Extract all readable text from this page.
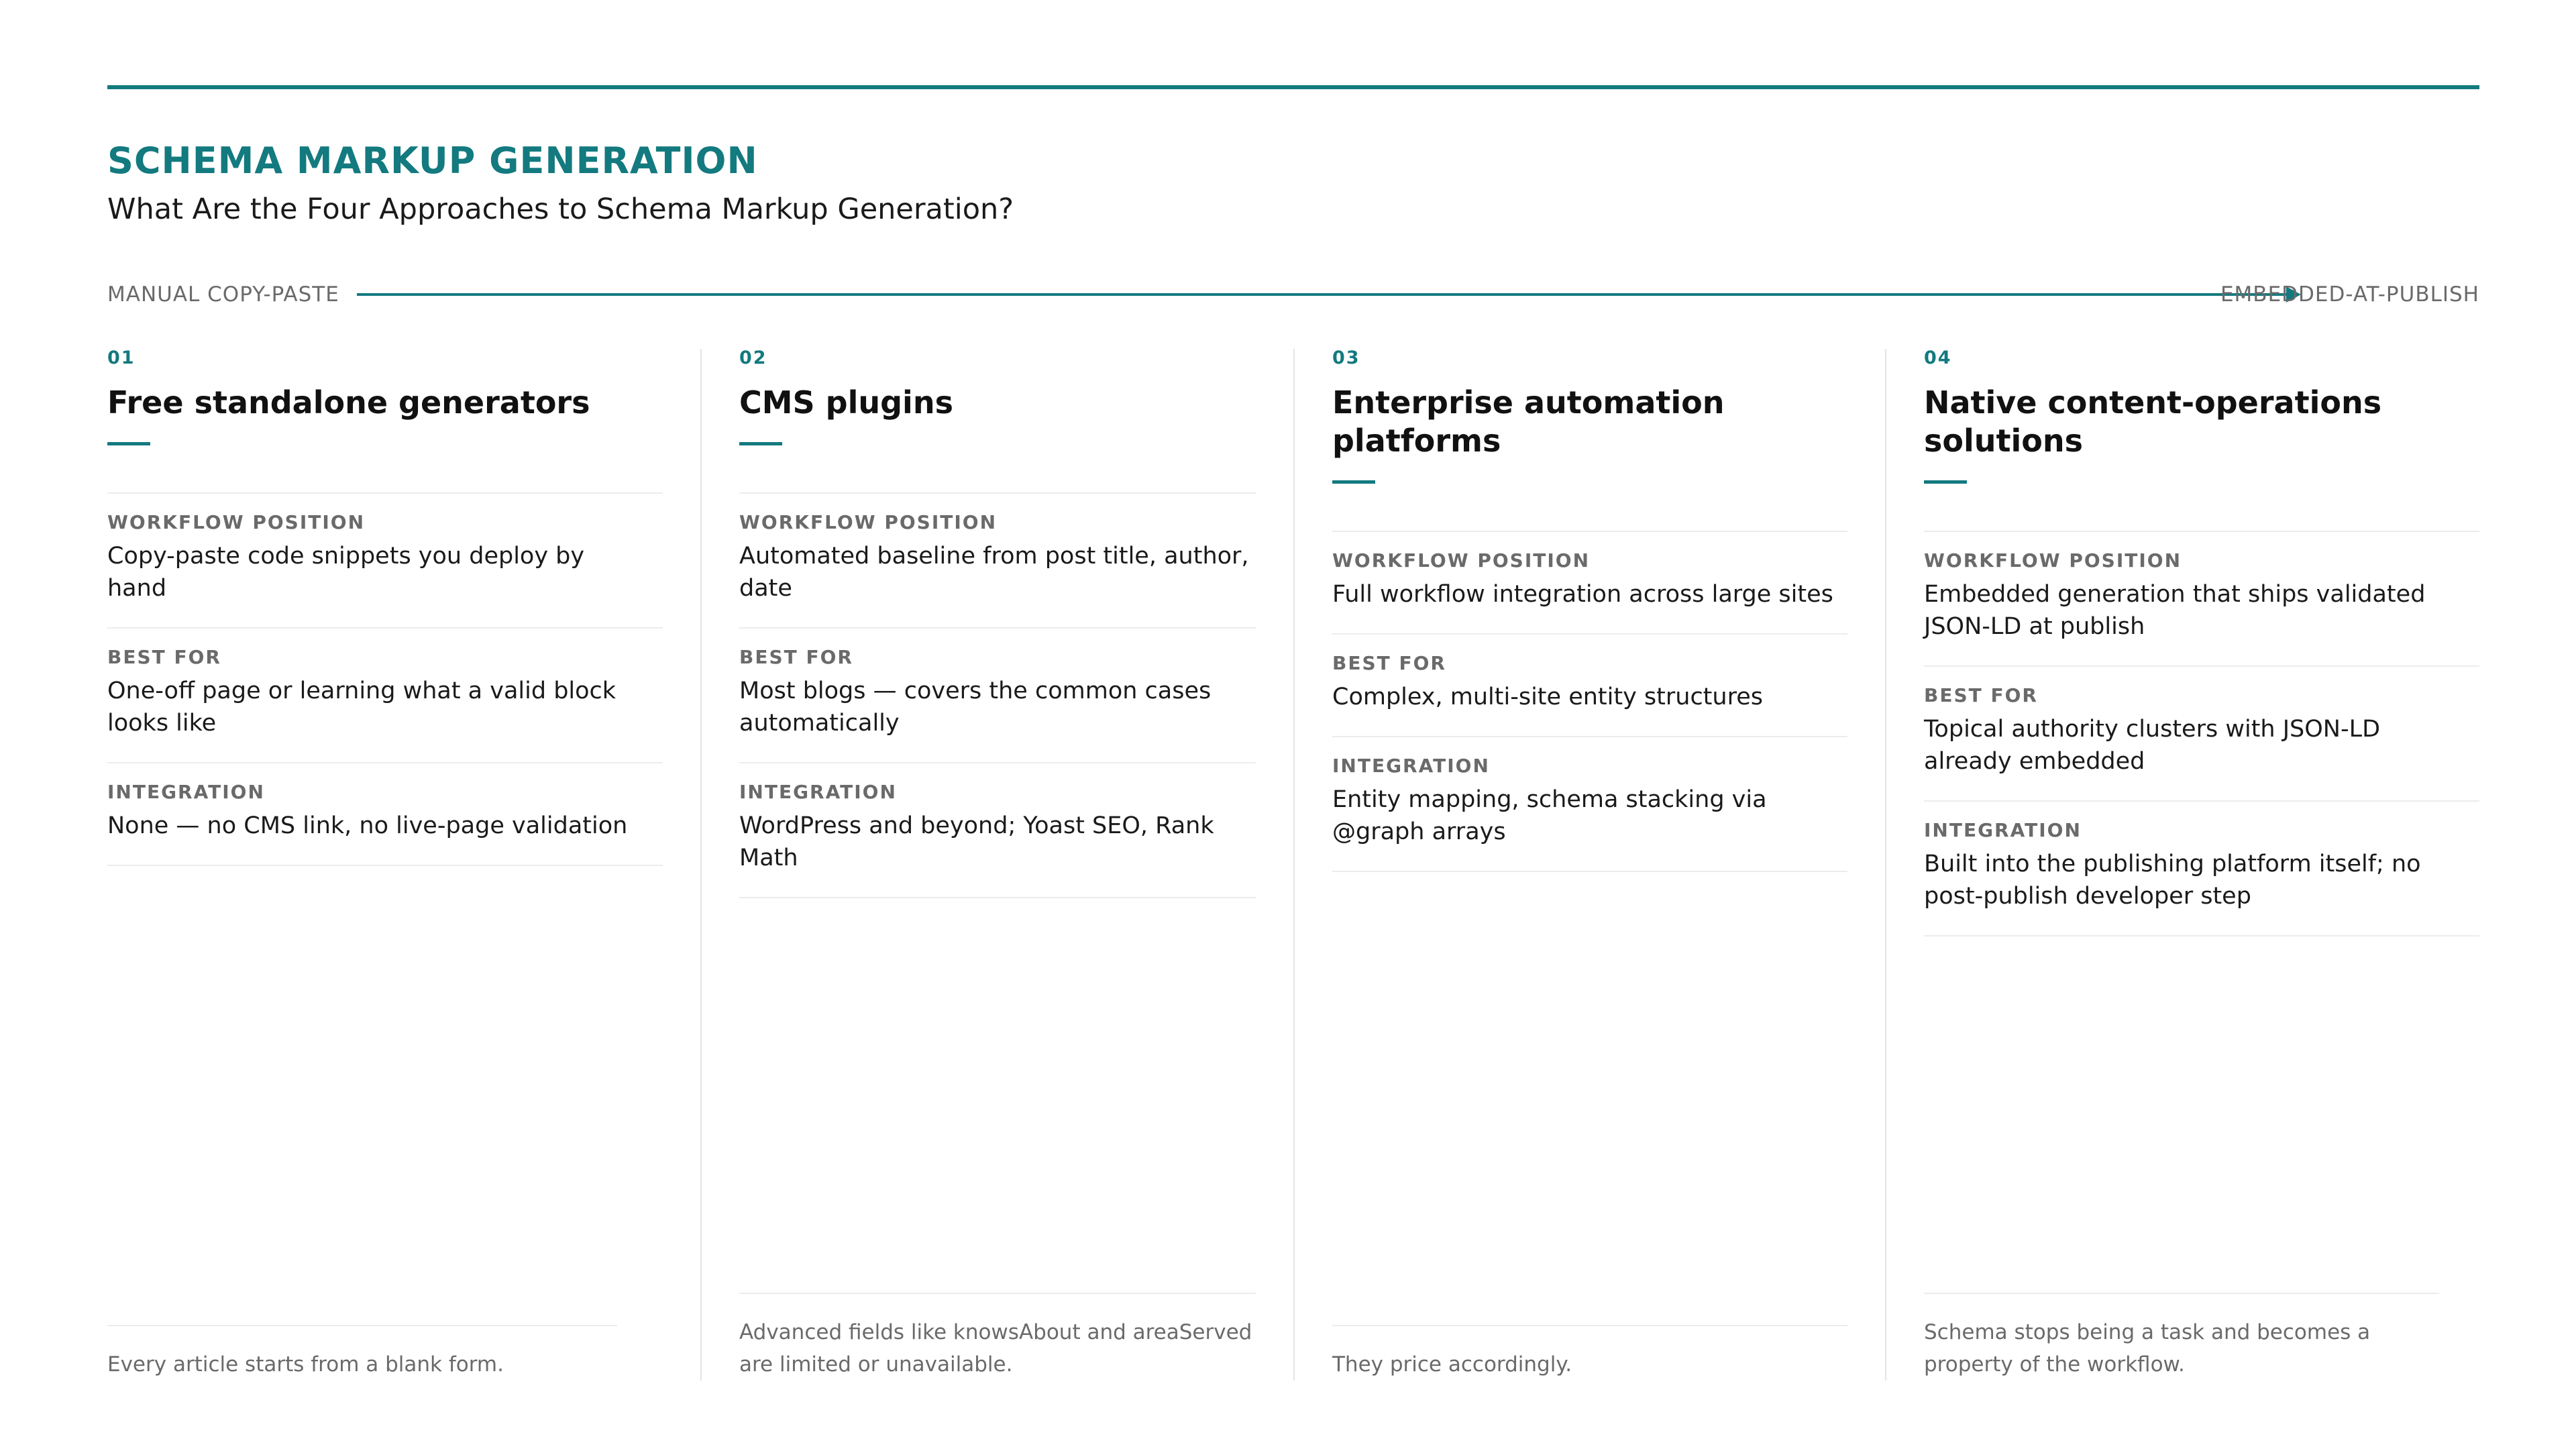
SCHEMA MARKUP GENERATION
What Are the Four Approaches to Schema Markup Generation?
MANUAL COPY-PASTE	EMBEDDED-AT-PUBLISH
01
Free standalone generators
WORKFLOW POSITION
Copy-paste code snippets you deploy by hand
BEST FOR
One-off page or learning what a valid block looks like
INTEGRATION
None — no CMS link, no live-page validation
Every article starts from a blank form.
02
CMS plugins
WORKFLOW POSITION
Automated baseline from post title, author, date
BEST FOR
Most blogs — covers the common cases automatically
INTEGRATION
WordPress and beyond; Yoast SEO, Rank Math
Advanced fields like knowsAbout and areaServed are limited or unavailable.
03
Enterprise automation platforms
WORKFLOW POSITION
Full workflow integration across large sites
BEST FOR
Complex, multi-site entity structures
INTEGRATION
Entity mapping, schema stacking via @graph arrays
They price accordingly.
04
Native content-operations solutions
WORKFLOW POSITION
Embedded generation that ships validated JSON-LD at publish
BEST FOR
Topical authority clusters with JSON-LD already embedded
INTEGRATION
Built into the publishing platform itself; no post-publish developer step
Schema stops being a task and becomes a property of the workflow.
